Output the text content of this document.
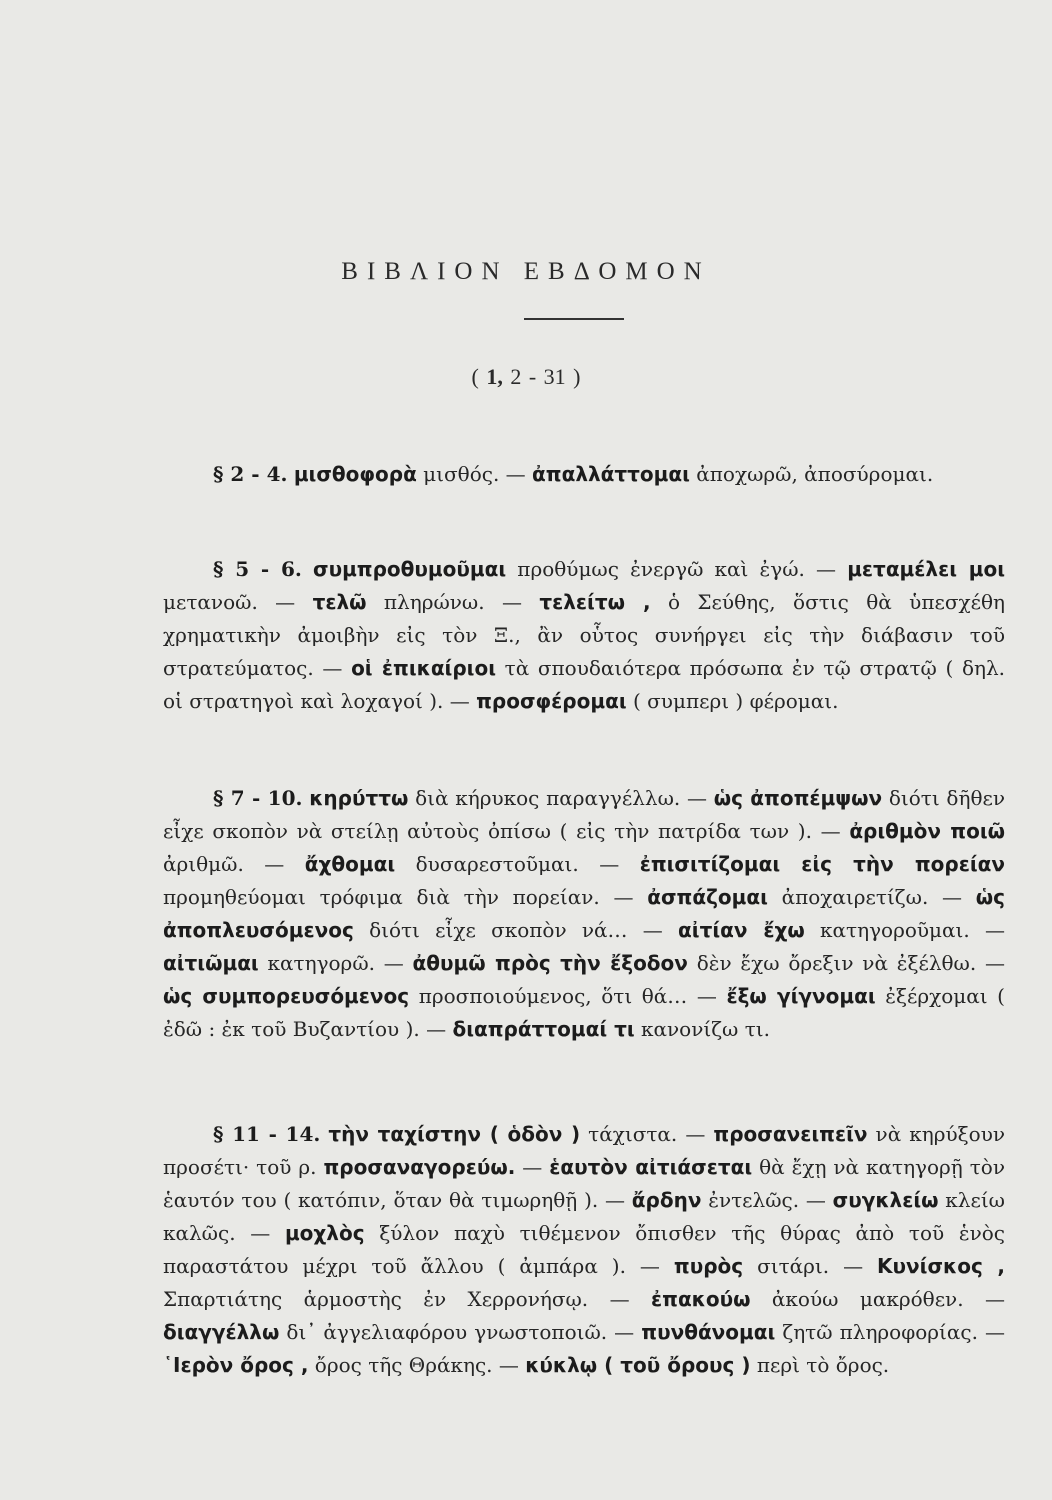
ΒΙΒΛΙΟΝ ΕΒΔΟΜΟΝ
( 1, 2 - 31 )

§ 2 - 4. μισθοφορὰ μισθός. — ἀπαλλάττομαι ἀποχωρῶ, ἀποσύρομαι.

§ 5 - 6. συμπροθυμοῦμαι προθύμως ἐνεργῶ καὶ ἐγώ. — μεταμέλει μοι μετανοῶ. — τελῶ πληρώνω. — τελείτω , ὁ Σεύθης, ὅστις θὰ ὑπεσχέθη χρηματικὴν ἀμοιβὴν εἰς τὸν Ξ., ἂν οὗτος συνήργει εἰς τὴν διάβασιν τοῦ στρατεύματος. — οἱ ἐπικαίριοι τὰ σπουδαιότερα πρόσωπα ἐν τῷ στρατῷ ( δηλ. οἱ στρατηγοὶ καὶ λοχαγοί ). — προσφέρομαι ( συμπερι ) φέρομαι.

§ 7 - 10. κηρύττω διὰ κήρυκος παραγγέλλω. — ὡς ἀποπέμψων διότι δῆθεν εἶχε σκοπὸν νὰ στείλῃ αὐτοὺς ὀπίσω ( εἰς τὴν πατρίδα των ). — ἀριθμὸν ποιῶ ἀριθμῶ. — ἄχθομαι δυσαρεστοῦμαι. — ἐπισιτίζομαι εἰς τὴν πορείαν προμηθεύομαι τρόφιμα διὰ τὴν πορείαν. — ἀσπάζομαι ἀποχαιρετίζω. — ὡς ἀποπλευσόμενος διότι εἶχε σκοπὸν νά… — αἰτίαν ἔχω κατηγοροῦμαι. — αἰτιῶμαι κατηγορῶ. — ἀθυμῶ πρὸς τὴν ἔξοδον δὲν ἔχω ὄρεξιν νὰ ἐξέλθω. — ὡς συμπορευσόμενος προσποιούμενος, ὅτι θά… — ἔξω γίγνομαι ἐξέρχομαι ( ἐδῶ : ἐκ τοῦ Βυζαντίου ). — διαπράττομαί τι κανονίζω τι.

§ 11 - 14. τὴν ταχίστην ( ὁδὸν ) τάχιστα. — προσανειπεῖν νὰ κηρύξουν προσέτι· τοῦ ρ. προσαναγορεύω. — ἑαυτὸν αἰτιάσεται θὰ ἔχῃ νὰ κατηγορῇ τὸν ἑαυτόν του ( κατόπιν, ὅταν θὰ τιμωρηθῇ ). — ἄρδην ἐντελῶς. — συγκλείω κλείω καλῶς. — μοχλὸς ξύλον παχὺ τιθέμενον ὄπισθεν τῆς θύρας ἀπὸ τοῦ ἑνὸς παραστάτου μέχρι τοῦ ἄλλου ( ἀμπάρα ). — πυρὸς σιτάρι. — Κυνίσκος , Σπαρτιάτης ἁρμοστὴς ἐν Χερρονήσῳ. — ἐπακούω ἀκούω μακρόθεν. — διαγγέλλω δι᾽ ἀγγελιαφόρου γνωστοποιῶ. — πυνθάνομαι ζητῶ πληροφορίας. — ῾Ιερὸν ὄρος , ὄρος τῆς Θράκης. — κύκλῳ ( τοῦ ὄρους ) περὶ τὸ ὄρος.
